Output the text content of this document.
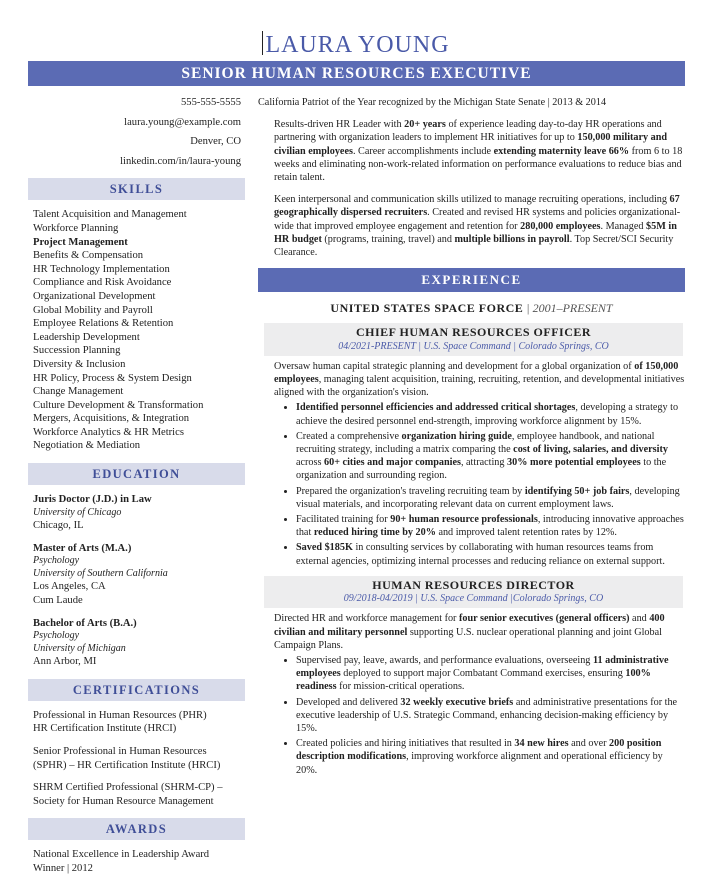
LAURA YOUNG
SENIOR HUMAN RESOURCES EXECUTIVE
555-555-5555
laura.young@example.com
Denver, CO
linkedin.com/in/laura-young
SKILLS
Talent Acquisition and Management
Workforce Planning
Project Management
Benefits & Compensation
HR Technology Implementation
Compliance and Risk Avoidance
Organizational Development
Global Mobility and Payroll
Employee Relations & Retention
Leadership Development
Succession Planning
Diversity & Inclusion
HR Policy, Process & System Design
Change Management
Culture Development & Transformation
Mergers, Acquisitions, & Integration
Workforce Analytics & HR Metrics
Negotiation & Mediation
EDUCATION
Juris Doctor (J.D.) in Law
University of Chicago
Chicago, IL
Master of Arts (M.A.)
Psychology
University of Southern California
Los Angeles, CA
Cum Laude
Bachelor of Arts (B.A.)
Psychology
University of Michigan
Ann Arbor, MI
CERTIFICATIONS
Professional in Human Resources (PHR)
HR Certification Institute (HRCI)
Senior Professional in Human Resources
(SPHR) – HR Certification Institute (HRCI)
SHRM Certified Professional (SHRM-CP) –
Society for Human Resource Management
AWARDS
National Excellence in Leadership Award
Winner | 2012

California Patriot of the Year recognized by the Michigan State Senate | 2013 & 2014

Results-driven HR Leader with 20+ years of experience leading day-to-day HR operations and partnering with organization leaders to implement HR initiatives for up to 150,000 military and civilian employees. Career accomplishments include extending maternity leave 66% from 6 to 18 weeks and eliminating non-work-related information on performance evaluations to reduce bias and retain talent.

Keen interpersonal and communication skills utilized to manage recruiting operations, including 67 geographically dispersed recruiters. Created and revised HR systems and policies organizational-wide that improved employee engagement and retention for 280,000 employees. Managed $5M in HR budget (programs, training, travel) and multiple billions in payroll. Top Secret/SCI Security Clearance.

EXPERIENCE
UNITED STATES SPACE FORCE | 2001–PRESENT
CHIEF HUMAN RESOURCES OFFICER
04/2021-PRESENT | U.S. Space Command | Colorado Springs, CO

Oversaw human capital strategic planning and development for a global organization of of 150,000 employees, managing talent acquisition, training, recruiting, retention, and developmental initiatives aligned with the organization's vision.

• Identified personnel efficiencies and addressed critical shortages, developing a strategy to achieve the desired personnel end-strength, improving workforce alignment by 15%.
• Created a comprehensive organization hiring guide, employee handbook, and national recruiting strategy, including a matrix comparing the cost of living, salaries, and diversity across 60+ cities and major companies, attracting 30% more potential employees to the organization and surrounding region.
• Prepared the organization's traveling recruiting team by identifying 50+ job fairs, developing visual materials, and incorporating relevant data on current employment laws.
• Facilitated training for 90+ human resource professionals, introducing innovative approaches that reduced hiring time by 20% and improved talent retention rates by 12%.
• Saved $185K in consulting services by collaborating with human resources teams from external agencies, optimizing internal processes and reducing reliance on external support.
HUMAN RESOURCES DIRECTOR
09/2018-04/2019 | U.S. Space Command |Colorado Springs, CO

Directed HR and workforce management for four senior executives (general officers) and 400 civilian and military personnel supporting U.S. nuclear operational planning and joint Global Campaign Plans.

• Supervised pay, leave, awards, and performance evaluations, overseeing 11 administrative employees deployed to support major Combatant Command exercises, ensuring 100% readiness for mission-critical operations.
• Developed and delivered 32 weekly executive briefs and administrative presentations for the executive leadership of U.S. Strategic Command, enhancing decision-making efficiency by 15%.
• Created policies and hiring initiatives that resulted in 34 new hires and over 200 position description modifications, improving workforce alignment and operational efficiency by 20%.
